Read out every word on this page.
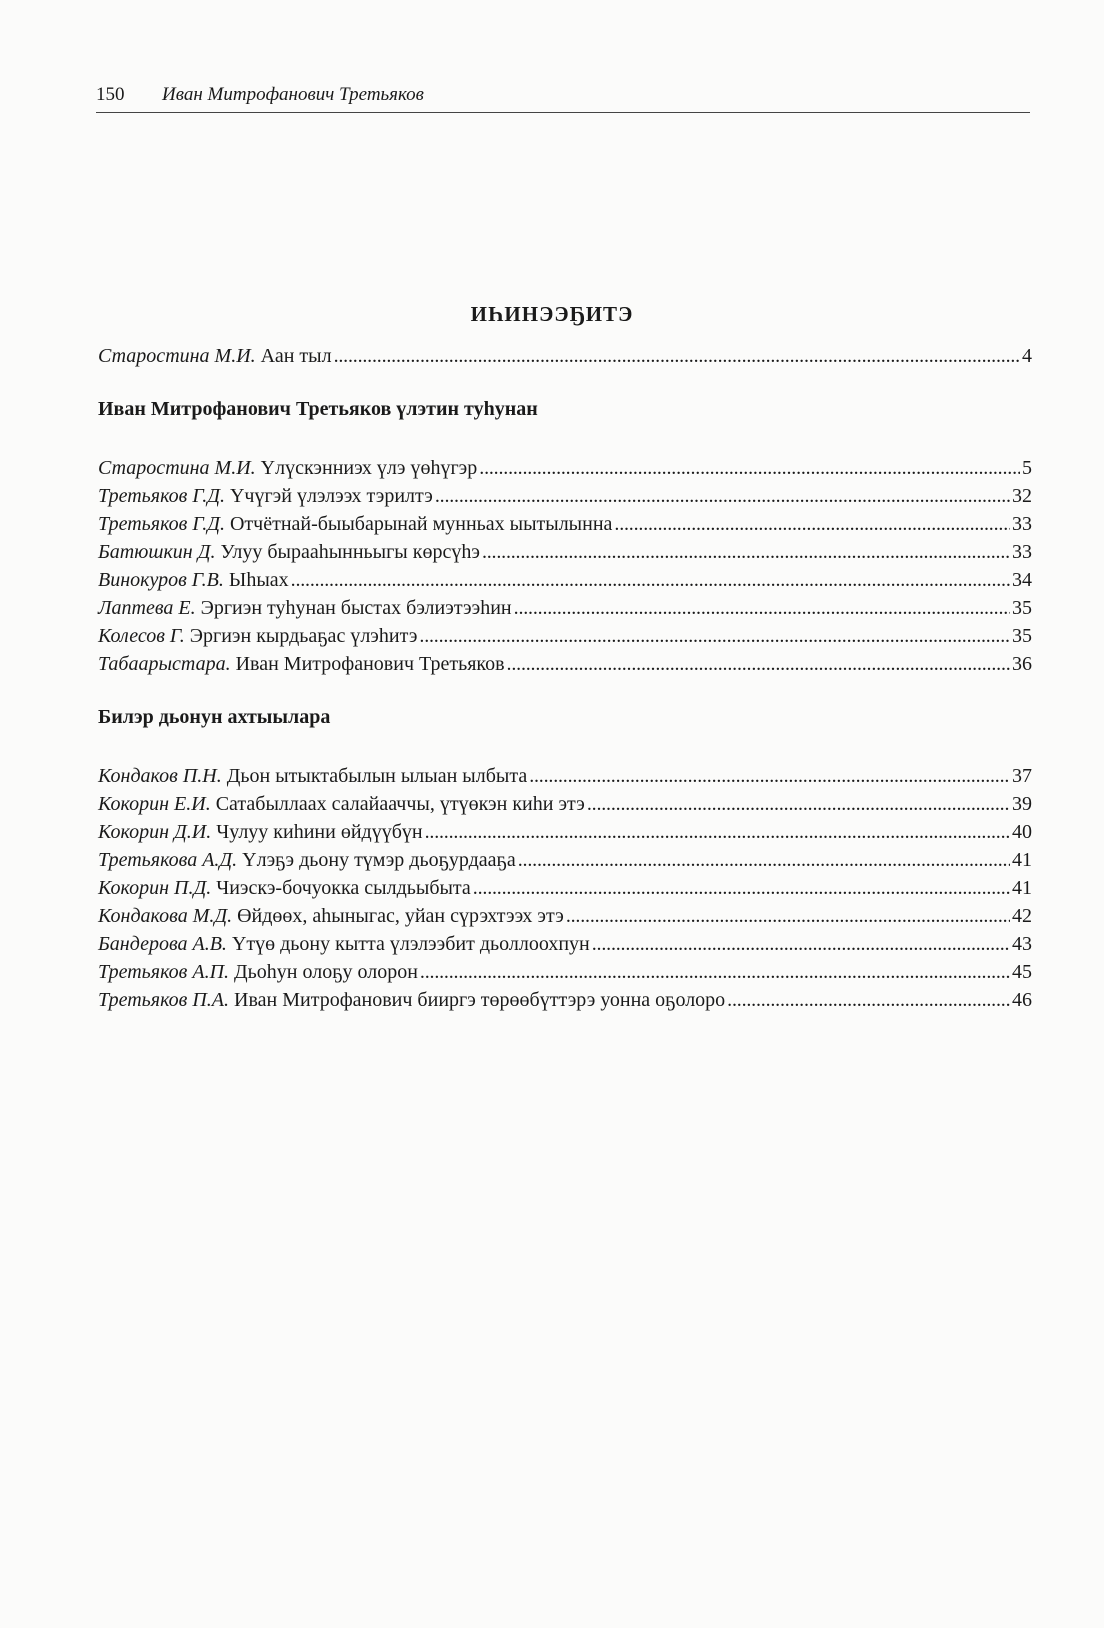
150 Иван Митрофанович Третьяков
ИҺИНЭЭҔИТЭ
Старостина М.И. Аан тыл . . .	4
Иван Митрофанович Третьяков үлэтин туһунан
Старостина М.И. Үлүскэнниэх үлэ үөһүгэр . . .	5
Третьяков Г.Д. Үчүгэй үлэлээх тэрилтэ . . .	32
Третьяков Г.Д. Отчётнай-быыбарынай мунньах ыытылынна . . .	33
Батюшкин Д. Улуу бырааһынньыгы көрсүһэ . . .	33
Винокуров Г.В. Ыһыах . . .	34
Лаптева Е. Эргиэн туһунан быстах бэлиэтээһин . . .	35
Колесов Г. Эргиэн кырдьаҕас үлэһитэ . . .	35
Табаарыстара. Иван Митрофанович Третьяков . . .	36
Билэр дьонун ахтыылара
Кондаков П.Н. Дьон ытыктабылын ылыан ылбыта . . .	37
Кокорин Е.И. Сатабыллаах салайааччы, үтүөкэн киһи этэ . . .	39
Кокорин Д.И. Чулуу киһини өйдүүбүн . . .	40
Третьякова А.Д. Үлэҕэ дьону түмэр дьоҕурдааҕа . . .	41
Кокорин П.Д. Чиэскэ-бочуокка сылдьыбыта . . .	41
Кондакова М.Д. Өйдөөх, аһыныгас, уйан сүрэхтээх этэ . . .	42
Бандерова А.В. Үтүө дьону кытта үлэлээбит дьоллоохпун . . .	43
Третьяков А.П. Дьоһун олоҕу олорон . . .	45
Третьяков П.А. Иван Митрофанович бииргэ төрөөбүттэрэ уонна оҕолоро . . .	46
